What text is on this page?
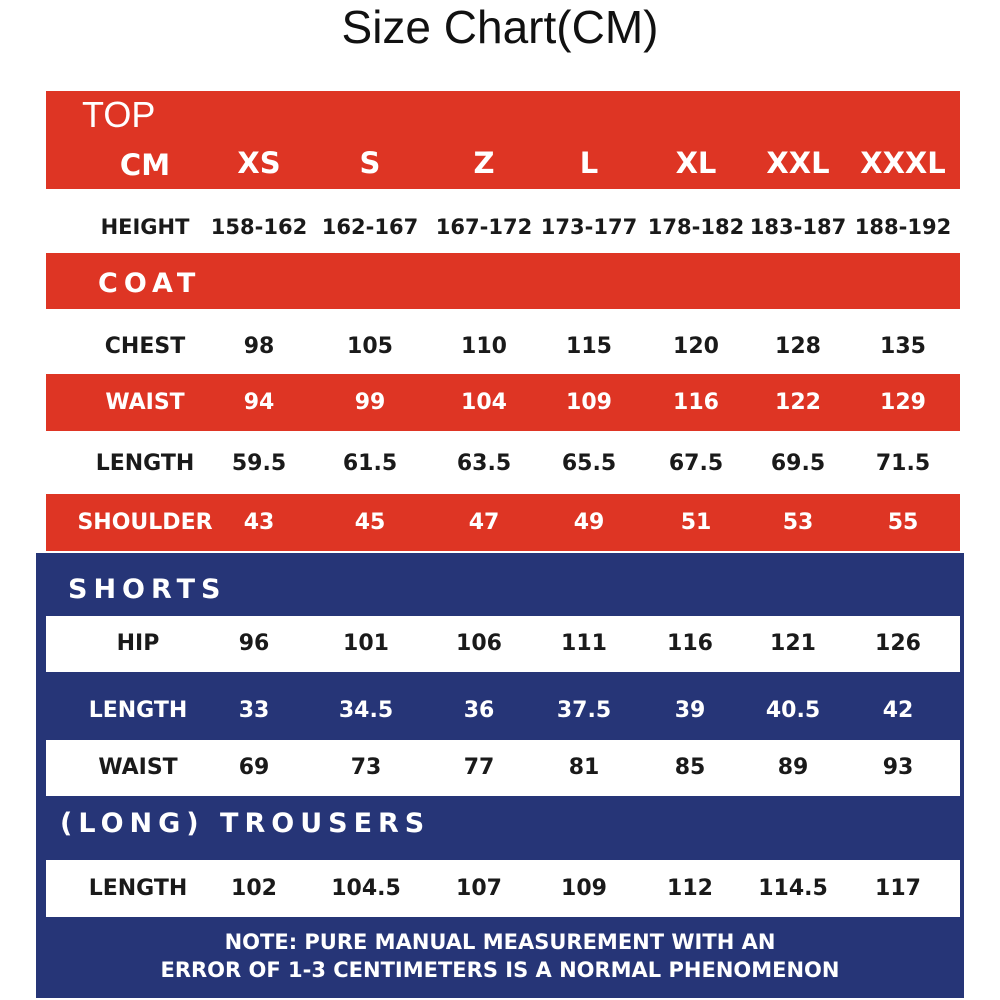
Size Chart(CM)
TOP
CM XS	S	Z	L	XL XXL XXXL
HEIGHT 158-162 162-167 167-172 173-177 178-182 183-187 188-192
COAT
CHEST	98	105	110	115	120	128	135
WAIST	94	99	104	109	116	122	129
LENGTH 59.5	61.5	63.5 65.5 67.5 69.5 71.5
SHOULDER 43	45	47	49	51	53	55
SHORTS
HIP	96	101	106	111	116	121	126
LENGTH 33	34.5	36	37.5	39	40.5	42
WAIST	69	73	77	81	85	89	93
(LONG) TROUSERS
LENGTH 102 104.5	107	109	112 114.5 117
NOTE: PURE MANUAL MEASUREMENT WITH AN
ERROR OF 1-3 CENTIMETERS IS A NORMAL PHENOMENON
